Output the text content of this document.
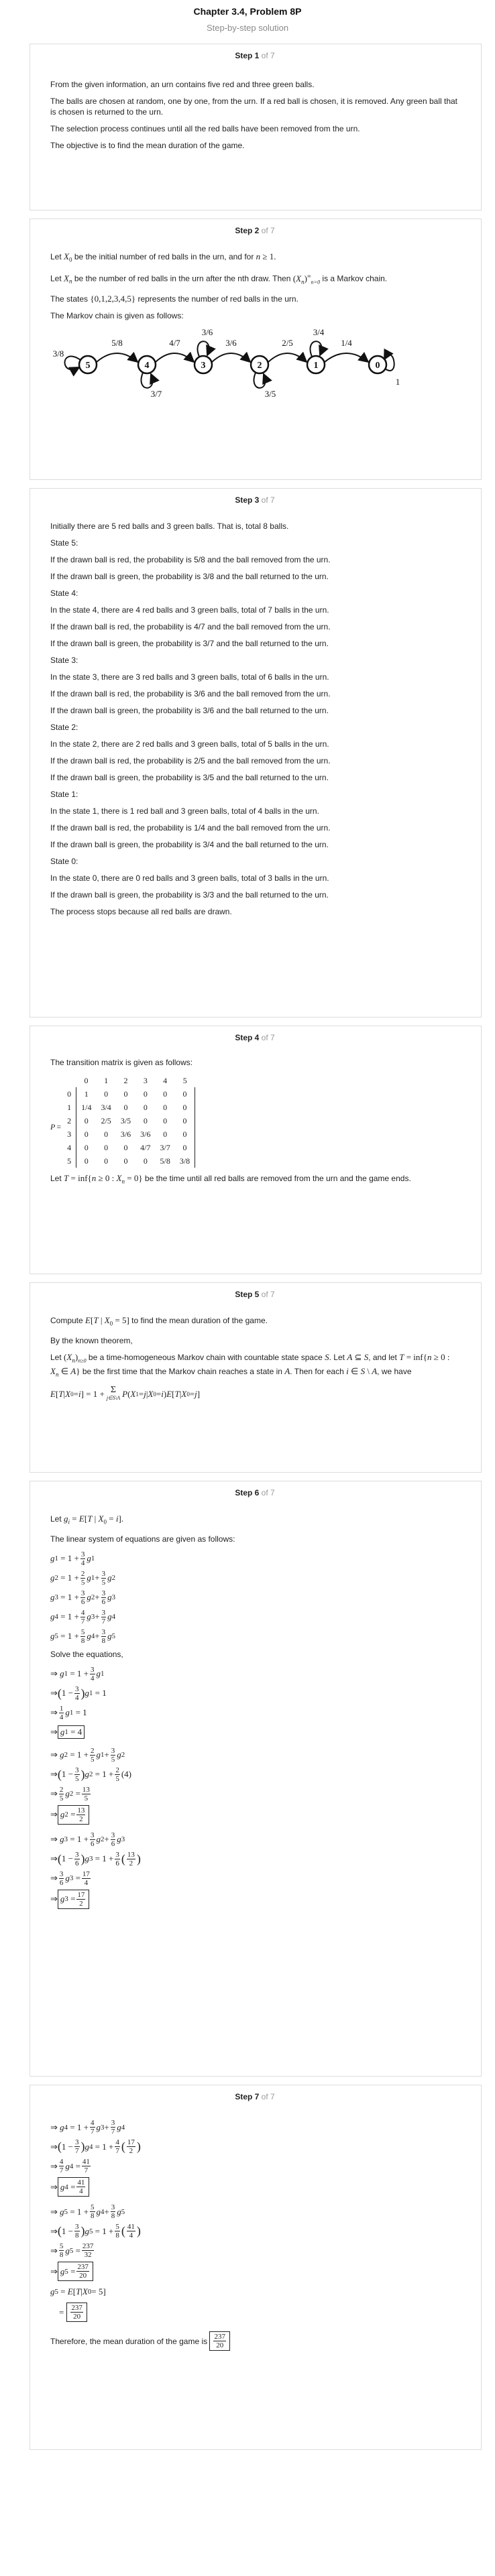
Chapter 3.4, Problem 8P
Step-by-step solution
Step 1 of 7

From the given information, an urn contains five red and three green balls.

The balls are chosen at random, one by one, from the urn. If a red ball is chosen, it is removed. Any green ball that is chosen is returned to the urn.

The selection process continues until all the red balls have been removed from the urn.

The objective is to find the mean duration of the game.

Step 2 of 7

Let $X_0$ be the initial number of red balls in the urn, and for n ≥ 1.

Let $X_n$ be the number of red balls in the urn after the nth draw. Then $(X_n)^\infty_{n=0}$ is a Markov chain.

The states {0,1,2,3,4,5} represents the number of red balls in the urn.

The Markov chain is given as follows:

5/8	4/7	3/6	2/5	1/4
3/8
3/7
3/6
3/5
3/4
1
5	4	3	2	1	0
Step 3 of 7

Initially there are 5 red balls and 3 green balls. That is, total 8 balls.

State 5:

If the drawn ball is red, the probability is 5/8 and the ball removed from the urn.

If the drawn ball is green, the probability is 3/8 and the ball returned to the urn.

State 4:

In the state 4, there are 4 red balls and 3 green balls, total of 7 balls in the urn.

If the drawn ball is red, the probability is 4/7 and the ball removed from the urn.

If the drawn ball is green, the probability is 3/7 and the ball returned to the urn.

State 3:

In the state 3, there are 3 red balls and 3 green balls, total of 6 balls in the urn.

If the drawn ball is red, the probability is 3/6 and the ball removed from the urn.

If the drawn ball is green, the probability is 3/6 and the ball returned to the urn.

State 2:

In the state 2, there are 2 red balls and 3 green balls, total of 5 balls in the urn.

If the drawn ball is red, the probability is 2/5 and the ball removed from the urn.

If the drawn ball is green, the probability is 3/5 and the ball returned to the urn.

State 1:

In the state 1, there is 1 red ball and 3 green balls, total of 4 balls in the urn.

If the drawn ball is red, the probability is 1/4 and the ball removed from the urn.

If the drawn ball is green, the probability is 3/4 and the ball returned to the urn.

State 0:

In the state 0, there are 0 red balls and 3 green balls, total of 3 balls in the urn.

If the drawn ball is green, the probability is 3/3 and the ball returned to the urn.

The process stops because all red balls are drawn.

Step 4 of 7

The transition matrix is given as follows:

P =
	0	1	2	3	4	5
0	1	0	0	0	0	0
1	1/4	3/4	0	0	0	0
2	0	2/5	3/5	0	0	0
3	0	0	3/6	3/6	0	0
4	0	0	0	4/7	3/7	0
5	0	0	0	0	5/8	3/8

Let T = inf{n ≥ 0 : $X_n = 0$} be the time until all red balls are removed from the urn and the game ends.

Step 5 of 7

Compute E[T | $X_0 = 5$] to find the mean duration of the game.

By the known theorem,

Let $(X_n)_{n\ge 0}$ be a time-homogeneous Markov chain with countable state space S. Let A ⊆ S, and let T = inf{n ≥ 0 : $X_n$ ∈ A} be the first time that the Markov chain reaches a state in A. Then for each i ∈ S \ A, we have

E [ T | X 0 = i ] = 1 + Σ
j∈S\A P ( X 1 = j | X 0 = i ) E [ T | X 0 = j ]
Step 6 of 7

Let $g_i = E[T$ | $X_0 = i$].

The linear system of equations are given as follows:

g $1 = 1 + \frac{3}{4}$ g 1
g $2 = 1 + \frac{2}{5}$ g $1 + \frac{3}{5}$ g 2
g $3 = 1 + \frac{3}{6}$ g $2 + \frac{3}{6}$ g 3
g $4 = 1 + \frac{4}{7}$ g $3 + \frac{3}{7}$ g 4
g $5 = 1 + \frac{5}{8}$ g $4 + \frac{3}{8}$ g 5

Solve the equations,

⇒ g $1 = 1 + \frac{3}{4}$ g 1
⇒ ( $1 - \frac{3}{4}$ ) g 1 = 1
⇒ $\frac{1}{4}$ g 1 = 1
⇒ g 1 = 4
⇒ g $2 = 1 + \frac{2}{5}$ g $1 + \frac{3}{5}$ g 2
⇒ ( $1 - \frac{3}{5}$ ) g $2 = 1 + \frac{2}{5} (4)$
⇒ $\frac{2}{5}$ g $2 = \frac{13}{5}$
⇒ g $2 = \frac{13}{2}$
⇒ g $3 = 1 + \frac{3}{6}$ g $2 + \frac{3}{6}$ g 3
⇒ ( $1 - \frac{3}{6}$ ) g $3 = 1 + \frac{3}{6}$ ( $\frac{13}{2}$ )
⇒ $\frac{3}{6}$ g $3 = \frac{17}{4}$
⇒ g $3 = \frac{17}{2}$
Step 7 of 7
⇒ g $4 = 1 + \frac{4}{7}$ g $3 + \frac{3}{7}$ g 4
⇒ ( $1 - \frac{3}{7}$ ) g $4 = 1 + \frac{4}{7}$ ( $\frac{17}{2}$ )
⇒ $\frac{4}{7}$ g $4 = \frac{41}{7}$
⇒ g $4 = \frac{41}{4}$
⇒ g $5 = 1 + \frac{5}{8}$ g $4 + \frac{3}{8}$ g 5
⇒ ( $1 - \frac{3}{8}$ ) g $5 = 1 + \frac{5}{8}$ ( $\frac{41}{4}$ )
⇒ $\frac{5}{8}$ g $5 = \frac{237}{32}$
⇒ g $5 = \frac{237}{20}$
g 5 = E [ T | X 0 = 5]
= $\frac{237}{20}$

Therefore, the mean duration of the game is
$\frac{237}{20}$
